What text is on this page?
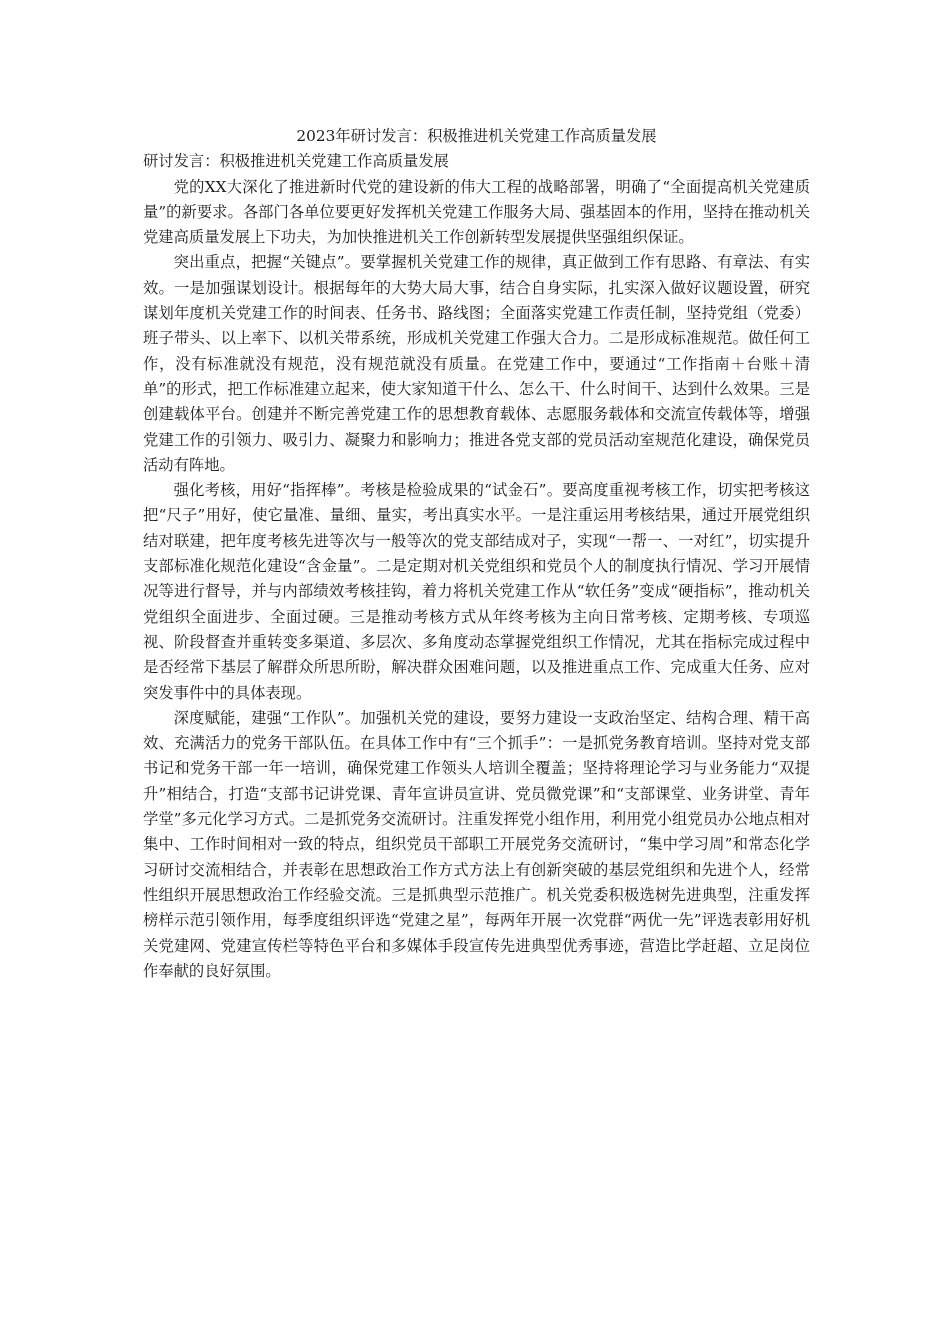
2023年研讨发言：积极推进机关党建工作高质量发展

研讨发言：积极推进机关党建工作高质量发展

党的XX大深化了推进新时代党的建设新的伟大工程的战略部署，明确了“全面提高机关党建质量”的新要求。各部门各单位要更好发挥机关党建工作服务大局、强基固本的作用，坚持在推动机关党建高质量发展上下功夫，为加快推进机关工作创新转型发展提供坚强组织保证。

突出重点，把握“关键点”。要掌握机关党建工作的规律，真正做到工作有思路、有章法、有实效。一是加强谋划设计。根据每年的大势大局大事，结合自身实际，扎实深入做好议题设置，研究谋划年度机关党建工作的时间表、任务书、路线图；全面落实党建工作责任制，坚持党组（党委）班子带头、以上率下、以机关带系统，形成机关党建工作强大合力。二是形成标准规范。做任何工作，没有标准就没有规范，没有规范就没有质量。在党建工作中，要通过“工作指南＋台账＋清单”的形式，把工作标准建立起来，使大家知道干什么、怎么干、什么时间干、达到什么效果。三是创建载体平台。创建并不断完善党建工作的思想教育载体、志愿服务载体和交流宣传载体等，增强党建工作的引领力、吸引力、凝聚力和影响力；推进各党支部的党员活动室规范化建设，确保党员活动有阵地。

强化考核，用好“指挥棒”。考核是检验成果的“试金石”。要高度重视考核工作，切实把考核这把“尺子”用好，使它量准、量细、量实，考出真实水平。一是注重运用考核结果，通过开展党组织结对联建，把年度考核先进等次与一般等次的党支部结成对子，实现“一帮一、一对红”，切实提升支部标准化规范化建设“含金量”。二是定期对机关党组织和党员个人的制度执行情况、学习开展情况等进行督导，并与内部绩效考核挂钩，着力将机关党建工作从“软任务”变成“硬指标”，推动机关党组织全面进步、全面过硬。三是推动考核方式从年终考核为主向日常考核、定期考核、专项巡视、阶段督查并重转变多渠道、多层次、多角度动态掌握党组织工作情况，尤其在指标完成过程中是否经常下基层了解群众所思所盼，解决群众困难问题，以及推进重点工作、完成重大任务、应对突发事件中的具体表现。

深度赋能，建强“工作队”。加强机关党的建设，要努力建设一支政治坚定、结构合理、精干高效、充满活力的党务干部队伍。在具体工作中有“三个抓手”：一是抓党务教育培训。坚持对党支部书记和党务干部一年一培训，确保党建工作领头人培训全覆盖；坚持将理论学习与业务能力“双提升”相结合，打造“支部书记讲党课、青年宣讲员宣讲、党员微党课”和“支部课堂、业务讲堂、青年学堂”多元化学习方式。二是抓党务交流研讨。注重发挥党小组作用，利用党小组党员办公地点相对集中、工作时间相对一致的特点，组织党员干部职工开展党务交流研讨，“集中学习周”和常态化学习研讨交流相结合，并表彰在思想政治工作方式方法上有创新突破的基层党组织和先进个人，经常性组织开展思想政治工作经验交流。三是抓典型示范推广。机关党委积极选树先进典型，注重发挥榜样示范引领作用，每季度组织评选“党建之星”，每两年开展一次党群“两优一先”评选表彰用好机关党建网、党建宣传栏等特色平台和多媒体手段宣传先进典型优秀事迹，营造比学赶超、立足岗位作奉献的良好氛围。
